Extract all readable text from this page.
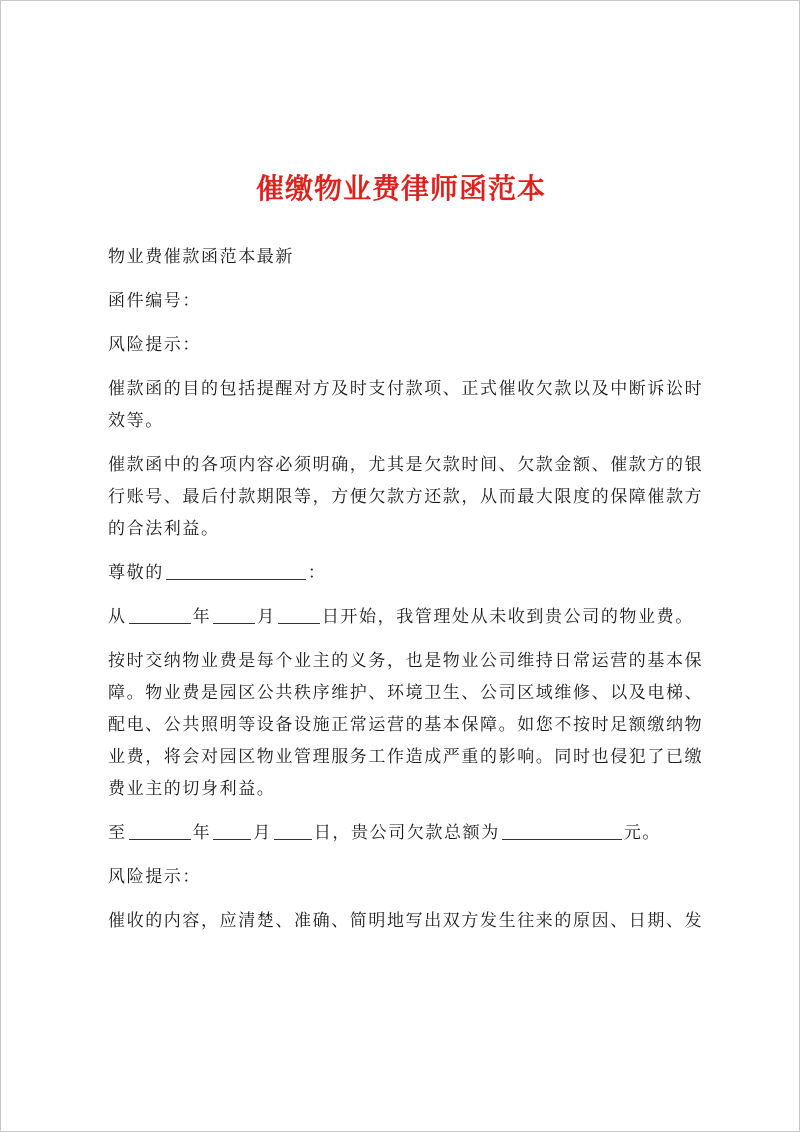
催缴物业费律师函范本

物业费催款函范本最新

函件编号：

风险提示：

催款函的目的包括提醒对方及时支付款项、正式催收欠款以及中断诉讼时效等。

催款函中的各项内容必须明确，尤其是欠款时间、欠款金额、催款方的银行账号、最后付款期限等，方便欠款方还款，从而最大限度的保障催款方的合法利益。

尊敬的	：

从	年	月	日开始，我管理处从未收到贵公司的物业费。

按时交纳物业费是每个业主的义务，也是物业公司维持日常运营的基本保障。物业费是园区公共秩序维护、环境卫生、公司区域维修、以及电梯、配电、公共照明等设备设施正常运营的基本保障。如您不按时足额缴纳物业费，将会对园区物业管理服务工作造成严重的影响。同时也侵犯了已缴费业主的切身利益。

至	年 月 日，贵公司欠款总额为	元。

风险提示：

催收的内容，应清楚、准确、简明地写出双方发生往来的原因、日期、发
